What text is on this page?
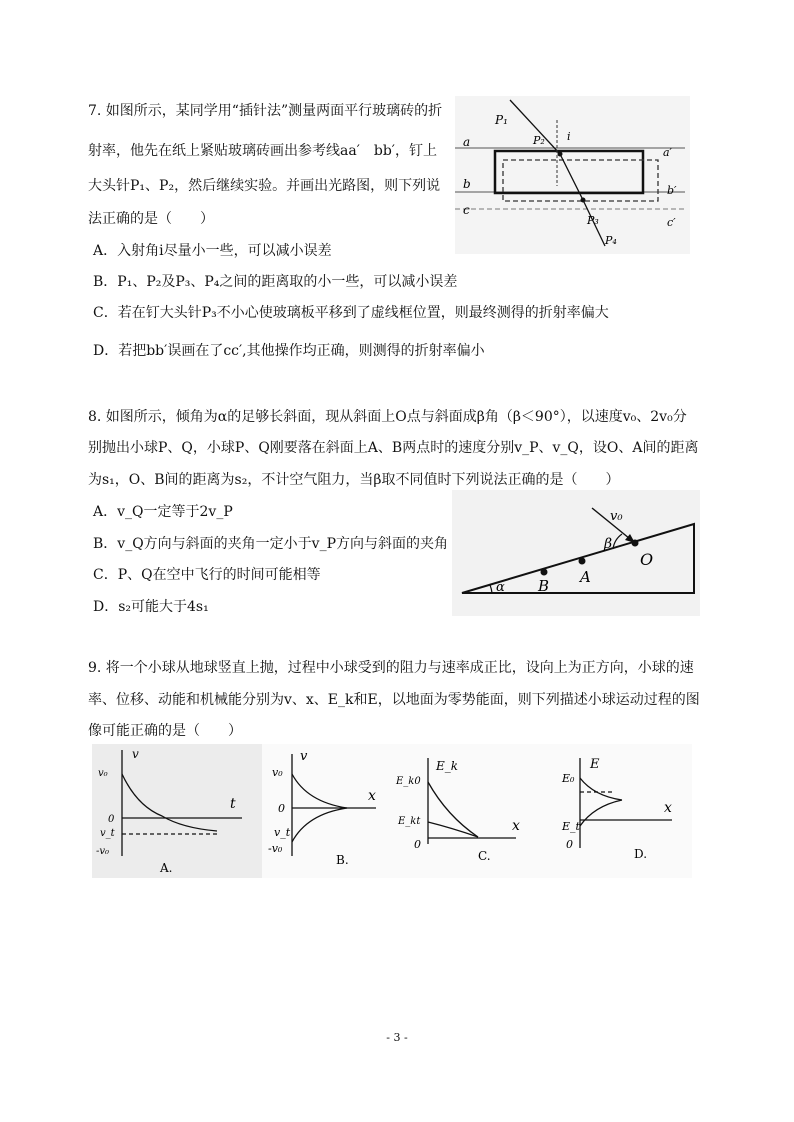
7. 如图所示，某同学用“插针法”测量两面平行玻璃砖的折
射率，他先在纸上紧贴玻璃砖画出参考线aa′　bb′，钉上
大头针P₁、P₂，然后继续实验。并画出光路图，则下列说
法正确的是（　　）
A．入射角i尽量小一些，可以减小误差
B．P₁、P₂及P₃、P₄之间的距离取的小一些，可以减小误差
C．若在钉大头针P₃不小心使玻璃板平移到了虚线框位置，则最终测得的折射率偏大
D．若把bb′误画在了cc′,其他操作均正确，则测得的折射率偏小
a
b
c
a′
b′
c′
P₁
P₂ i
P₃
P₄
8. 如图所示，倾角为α的足够长斜面，现从斜面上O点与斜面成β角（β＜90°），以速度v₀、2v₀分
别抛出小球P、Q，小球P、Q刚要落在斜面上A、B两点时的速度分别v_P、v_Q，设O、A间的距离
为s₁，O、B间的距离为s₂，不计空气阻力，当β取不同值时下列说法正确的是（　　）
A．v_Q一定等于2v_P
B．v_Q方向与斜面的夹角一定小于v_P方向与斜面的夹角
C．P、Q在空中飞行的时间可能相等
D．s₂可能大于4s₁
v₀
β
O
A
B
α
9. 将一个小球从地球竖直上抛，过程中小球受到的阻力与速率成正比，设向上为正方向，小球的速
率、位移、动能和机械能分别为v、x、E_k和E，以地面为零势能面，则下列描述小球运动过程的图
像可能正确的是（　　）
v
t
v₀
0
v_t
-v₀
A.
v
x
v₀
0
v_t
-v₀
B.
E_k
x
E_k0
E_kt
0
C.
E
x
E₀
E_t
0
D.
- 3 -
